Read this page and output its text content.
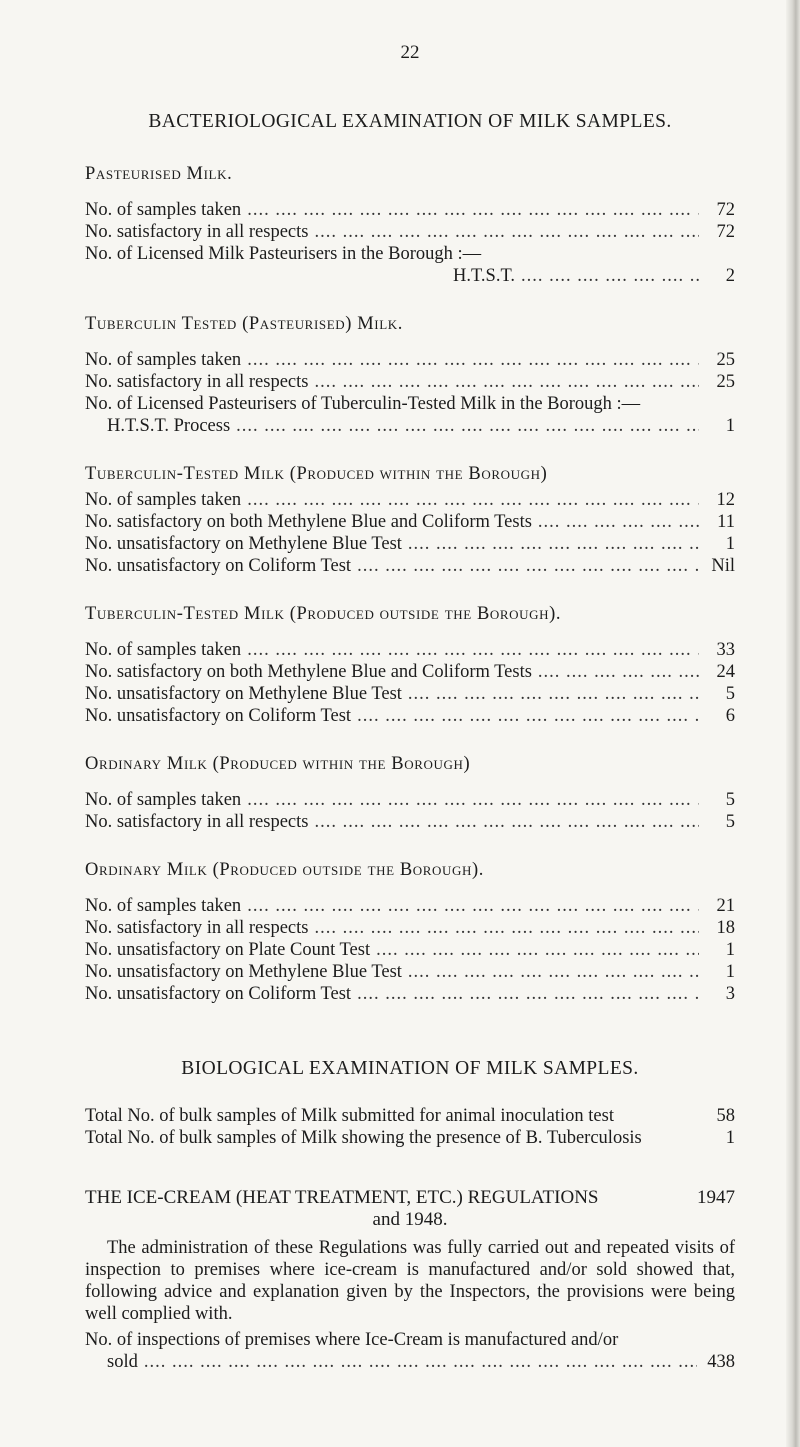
22
BACTERIOLOGICAL EXAMINATION OF MILK SAMPLES.
Pasteurised Milk.
No. of samples taken ....	72
No. satisfactory in all respects ....	72
No. of Licensed Milk Pasteurisers in the Borough :—
H.T.S.T. ....	2
Tuberculin Tested (Pasteurised) Milk.
No. of samples taken ....	25
No. satisfactory in all respects ....	25
No. of Licensed Pasteurisers of Tuberculin-Tested Milk in the Borough :—
H.T.S.T. Process ....	1
Tuberculin-Tested Milk (Produced within the Borough)
No. of samples taken ....	12
No. satisfactory on both Methylene Blue and Coliform Tests ....	11
No. unsatisfactory on Methylene Blue Test ....	1
No. unsatisfactory on Coliform Test ....	Nil
Tuberculin-Tested Milk (Produced outside the Borough).
No. of samples taken ....	33
No. satisfactory on both Methylene Blue and Coliform Tests ....	24
No. unsatisfactory on Methylene Blue Test ....	5
No. unsatisfactory on Coliform Test ....	6
Ordinary Milk (Produced within the Borough)
No. of samples taken ....	5
No. satisfactory in all respects ....	5
Ordinary Milk (Produced outside the Borough).
No. of samples taken ....	21
No. satisfactory in all respects ....	18
No. unsatisfactory on Plate Count Test ....	1
No. unsatisfactory on Methylene Blue Test ....	1
No. unsatisfactory on Coliform Test ....	3
BIOLOGICAL EXAMINATION OF MILK SAMPLES.
Total No. of bulk samples of Milk submitted for animal inoculation test	58
Total No. of bulk samples of Milk showing the presence of B. Tuberculosis	1
THE ICE-CREAM (HEAT TREATMENT, ETC.) REGULATIONS	1947
and 1948.
The administration of these Regulations was fully carried out and repeated visits of inspection to premises where ice-cream is manufactured and/or sold showed that, following advice and explanation given by the Inspectors, the provisions were being well complied with.
No. of inspections of premises where Ice-Cream is manufactured and/or
sold ....	438
